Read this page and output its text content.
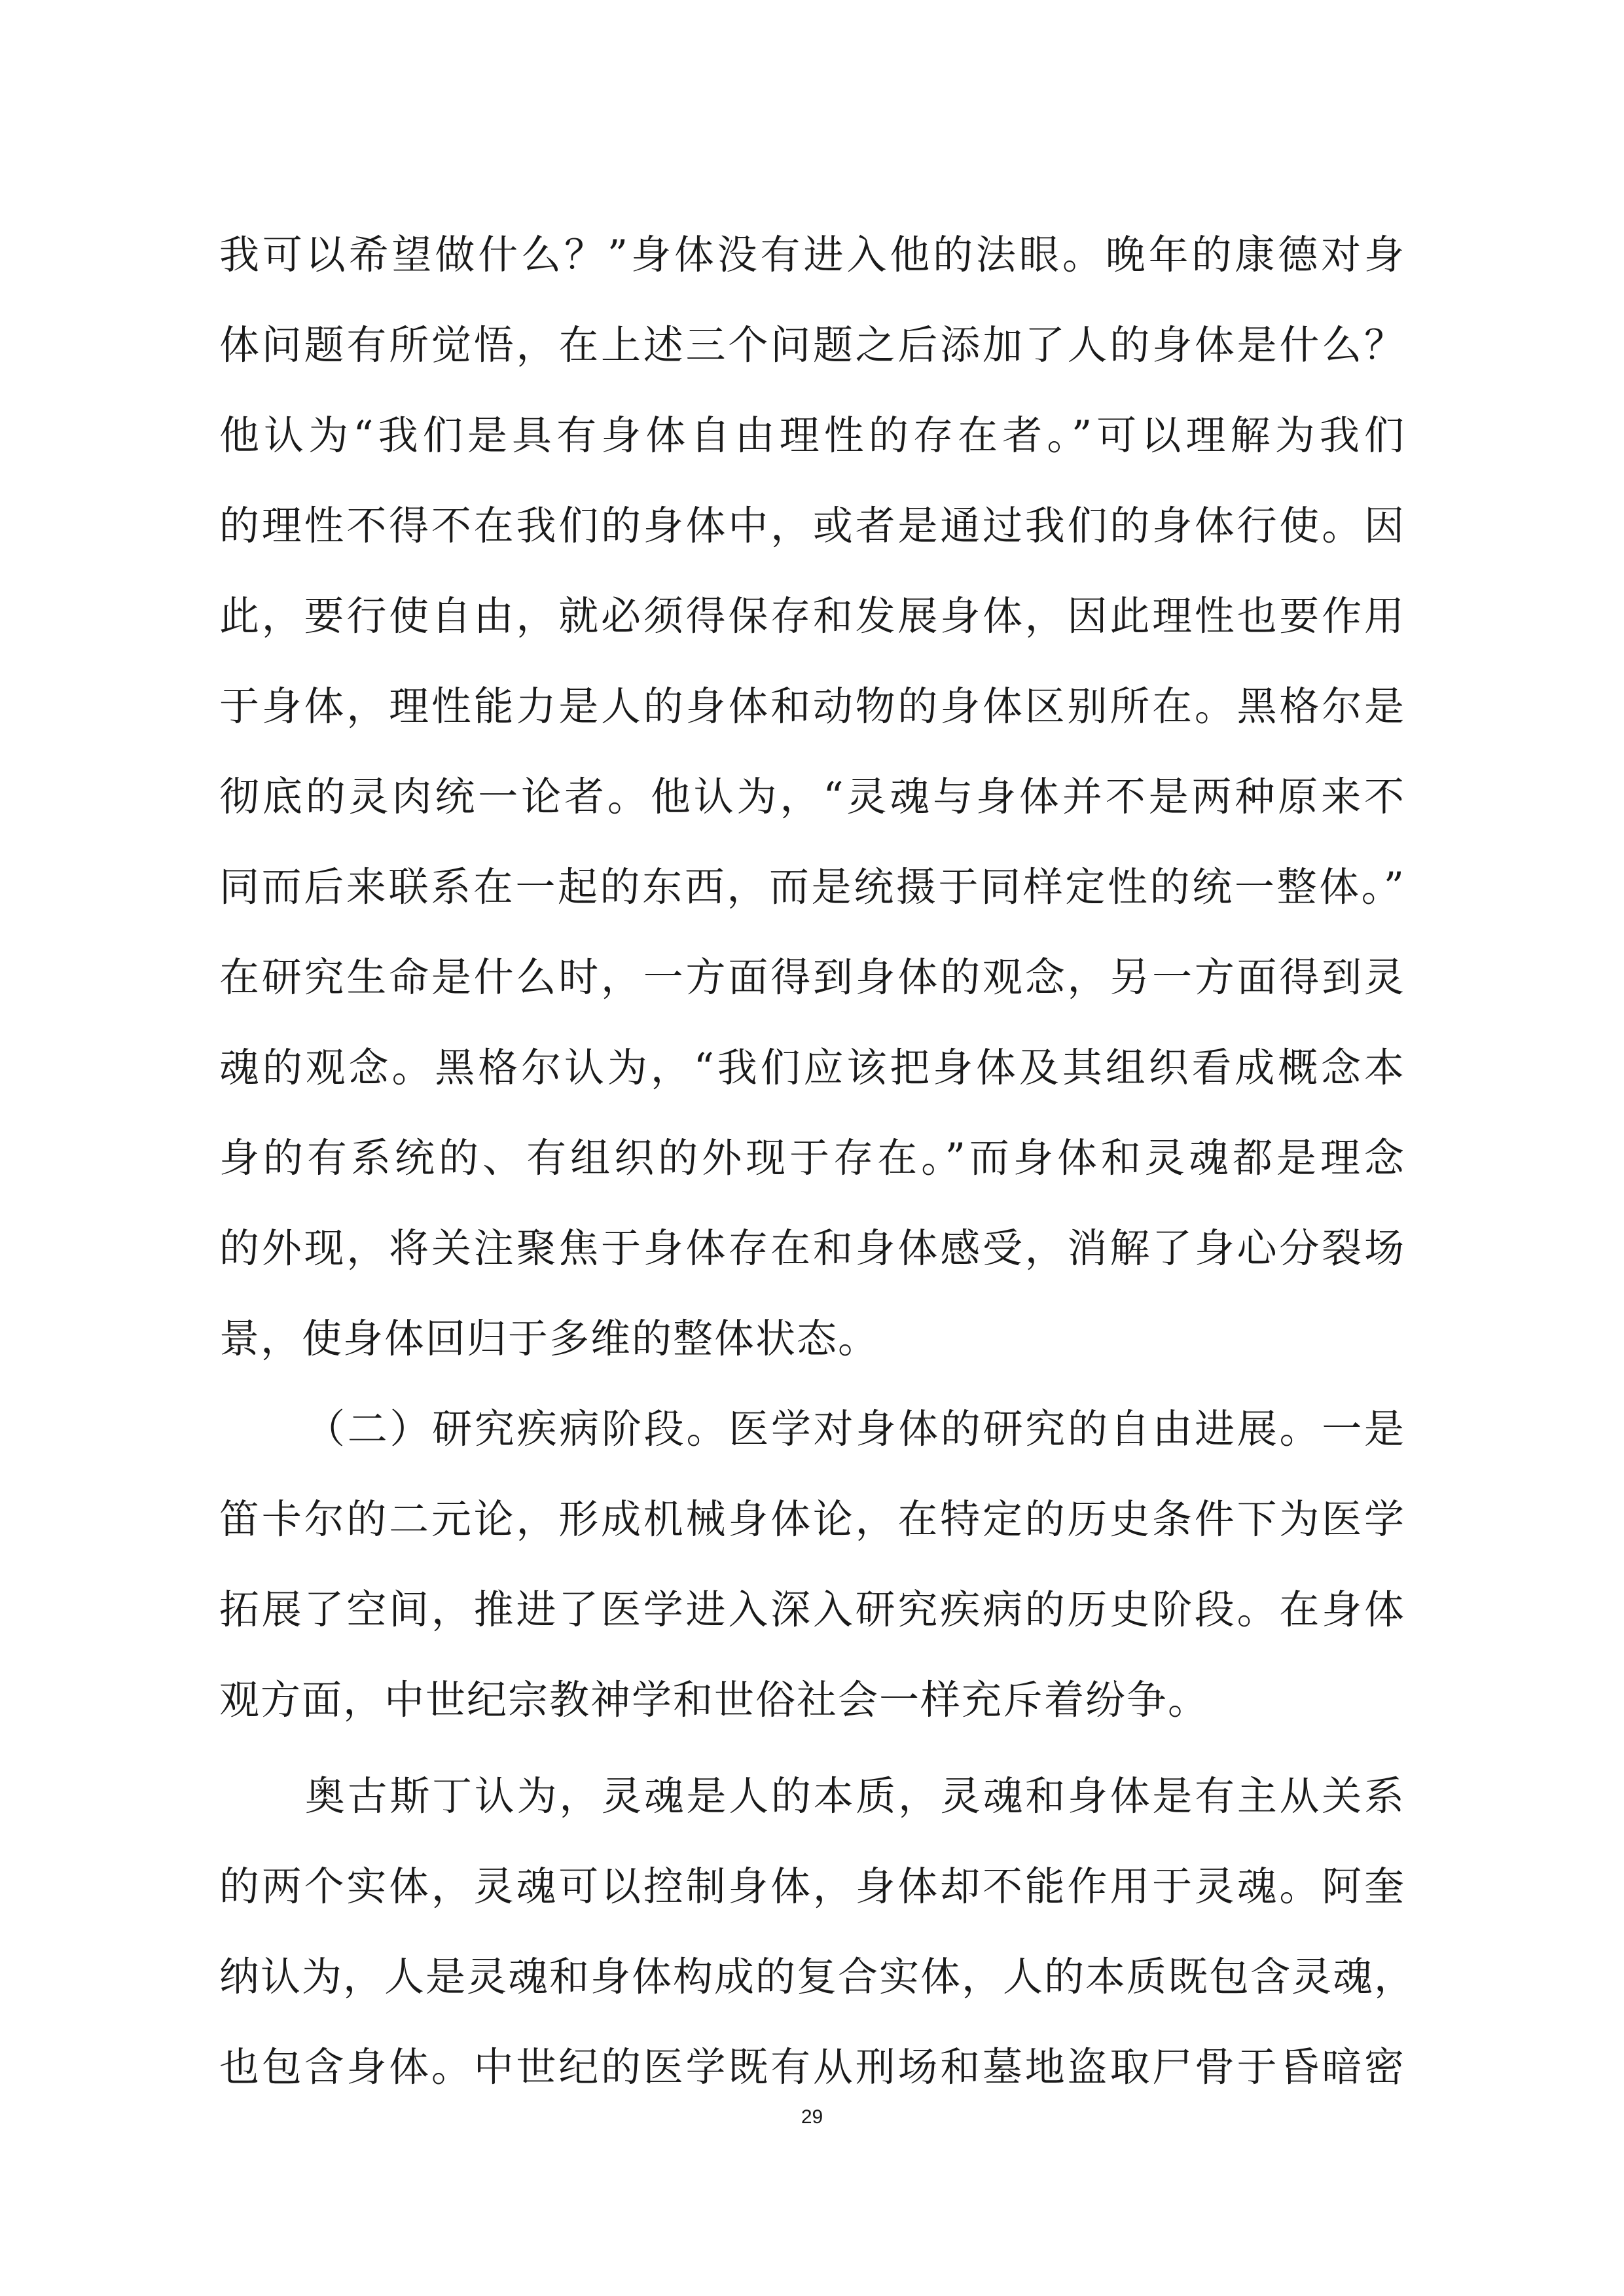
我可以希望做什么？”身体没有进入他的法眼。晚年的康德对身
体问题有所觉悟，在上述三个问题之后添加了人的身体是什么？
他认为“我们是具有身体自由理性的存在者。”可以理解为我们
的理性不得不在我们的身体中，或者是通过我们的身体行使。因
此，要行使自由，就必须得保存和发展身体，因此理性也要作用
于身体，理性能力是人的身体和动物的身体区别所在。黑格尔是
彻底的灵肉统一论者。他认为，“灵魂与身体并不是两种原来不
同而后来联系在一起的东西，而是统摄于同样定性的统一整体。”
在研究生命是什么时，一方面得到身体的观念，另一方面得到灵
魂的观念。黑格尔认为，“我们应该把身体及其组织看成概念本
身的有系统的、有组织的外现于存在。”而身体和灵魂都是理念
的外现，将关注聚焦于身体存在和身体感受，消解了身心分裂场
景，使身体回归于多维的整体状态。
（二）研究疾病阶段。医学对身体的研究的自由进展。一是
笛卡尔的二元论，形成机械身体论，在特定的历史条件下为医学
拓展了空间，推进了医学进入深入研究疾病的历史阶段。在身体
观方面，中世纪宗教神学和世俗社会一样充斥着纷争。
奥古斯丁认为，灵魂是人的本质，灵魂和身体是有主从关系
的两个实体，灵魂可以控制身体，身体却不能作用于灵魂。阿奎
纳认为，人是灵魂和身体构成的复合实体，人的本质既包含灵魂，
也包含身体。中世纪的医学既有从刑场和墓地盗取尸骨于昏暗密
29
